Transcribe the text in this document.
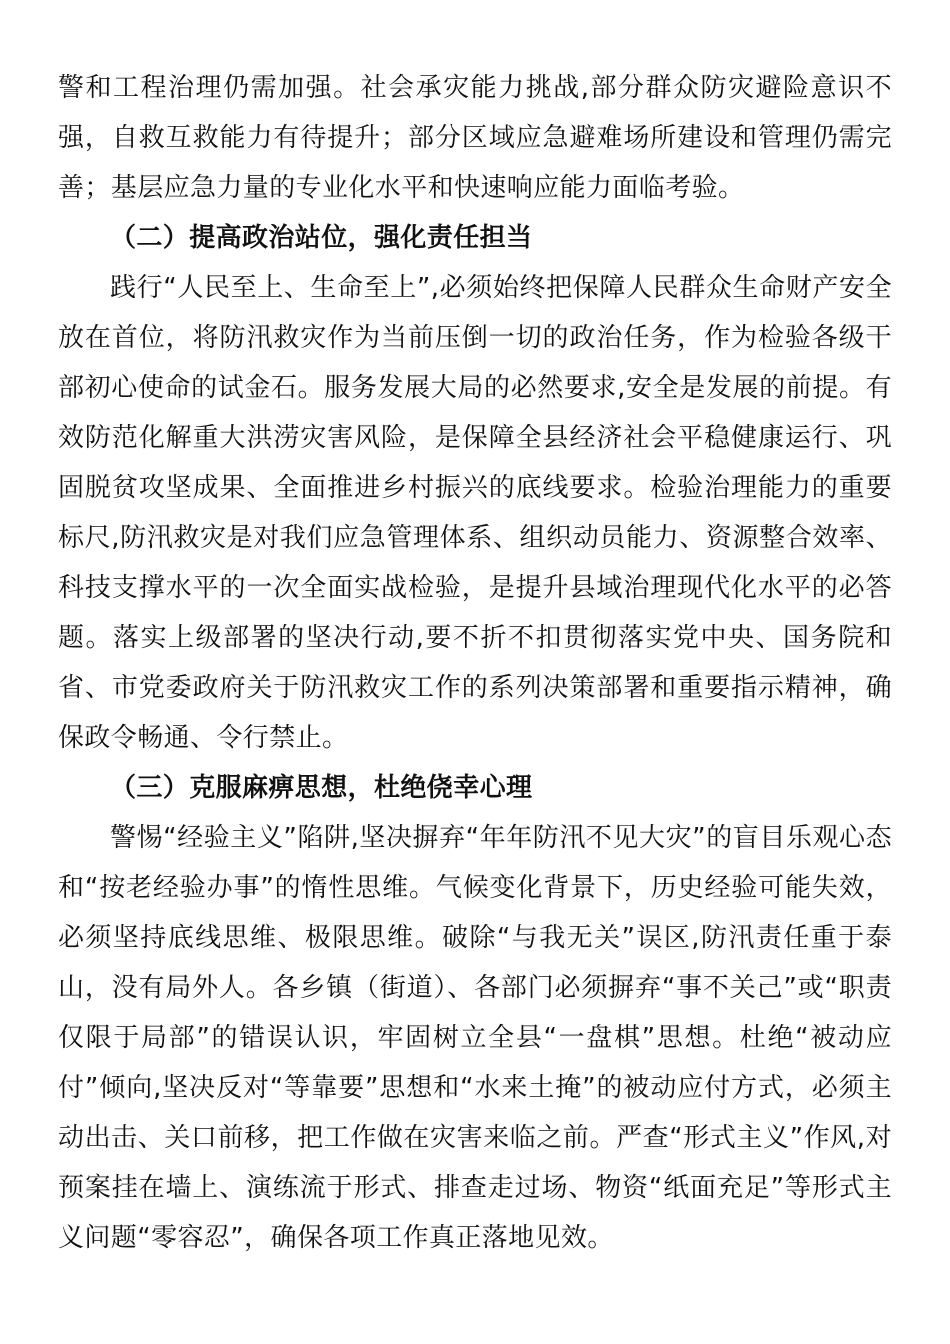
警和工程治理仍需加强。社会承灾能力挑战,部分群众防灾避险意识不强，自救互救能力有待提升；部分区域应急避难场所建设和管理仍需完善；基层应急力量的专业化水平和快速响应能力面临考验。

（二）提高政治站位，强化责任担当

践行“人民至上、生命至上”,必须始终把保障人民群众生命财产安全放在首位，将防汛救灾作为当前压倒一切的政治任务，作为检验各级干部初心使命的试金石。服务发展大局的必然要求,安全是发展的前提。有效防范化解重大洪涝灾害风险，是保障全县经济社会平稳健康运行、巩固脱贫攻坚成果、全面推进乡村振兴的底线要求。检验治理能力的重要标尺,防汛救灾是对我们应急管理体系、组织动员能力、资源整合效率、科技支撑水平的一次全面实战检验，是提升县域治理现代化水平的必答题。落实上级部署的坚决行动,要不折不扣贯彻落实党中央、国务院和省、市党委政府关于防汛救灾工作的系列决策部署和重要指示精神，确保政令畅通、令行禁止。

（三）克服麻痹思想，杜绝侥幸心理

警惕“经验主义”陷阱,坚决摒弃“年年防汛不见大灾”的盲目乐观心态和“按老经验办事”的惰性思维。气候变化背景下，历史经验可能失效，必须坚持底线思维、极限思维。破除“与我无关”误区,防汛责任重于泰山，没有局外人。各乡镇（街道）、各部门必须摒弃“事不关己”或“职责仅限于局部”的错误认识，牢固树立全县“一盘棋”思想。杜绝“被动应付”倾向,坚决反对“等靠要”思想和“水来土掩”的被动应付方式，必须主动出击、关口前移，把工作做在灾害来临之前。严查“形式主义”作风,对预案挂在墙上、演练流于形式、排查走过场、物资“纸面充足”等形式主义问题“零容忍”，确保各项工作真正落地见效。
